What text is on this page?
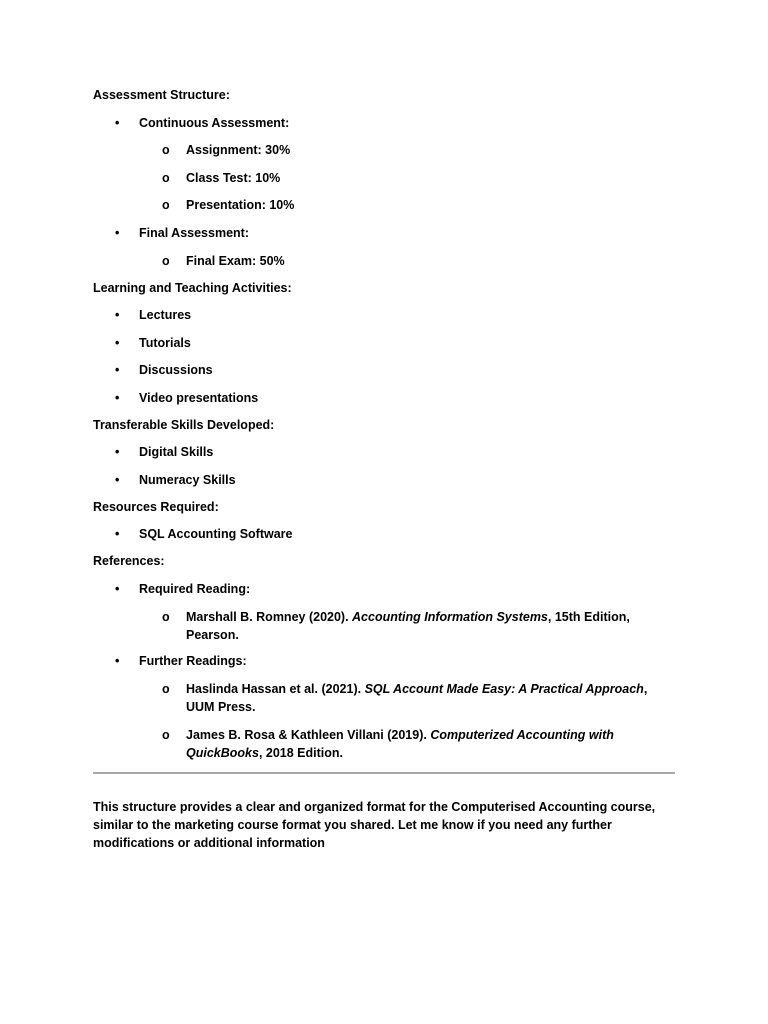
Assessment Structure:
• Continuous Assessment:
o Assignment: 30%
o Class Test: 10%
o Presentation: 10%
• Final Assessment:
o Final Exam: 50%
Learning and Teaching Activities:
• Lectures
• Tutorials
• Discussions
• Video presentations
Transferable Skills Developed:
• Digital Skills
• Numeracy Skills
Resources Required:
• SQL Accounting Software
References:
• Required Reading:
o Marshall B. Romney (2020). Accounting Information Systems, 15th Edition, Pearson.
• Further Readings:
o Haslinda Hassan et al. (2021). SQL Account Made Easy: A Practical Approach, UUM Press.
o James B. Rosa & Kathleen Villani (2019). Computerized Accounting with QuickBooks, 2018 Edition.
This structure provides a clear and organized format for the Computerised Accounting course, similar to the marketing course format you shared. Let me know if you need any further modifications or additional information
